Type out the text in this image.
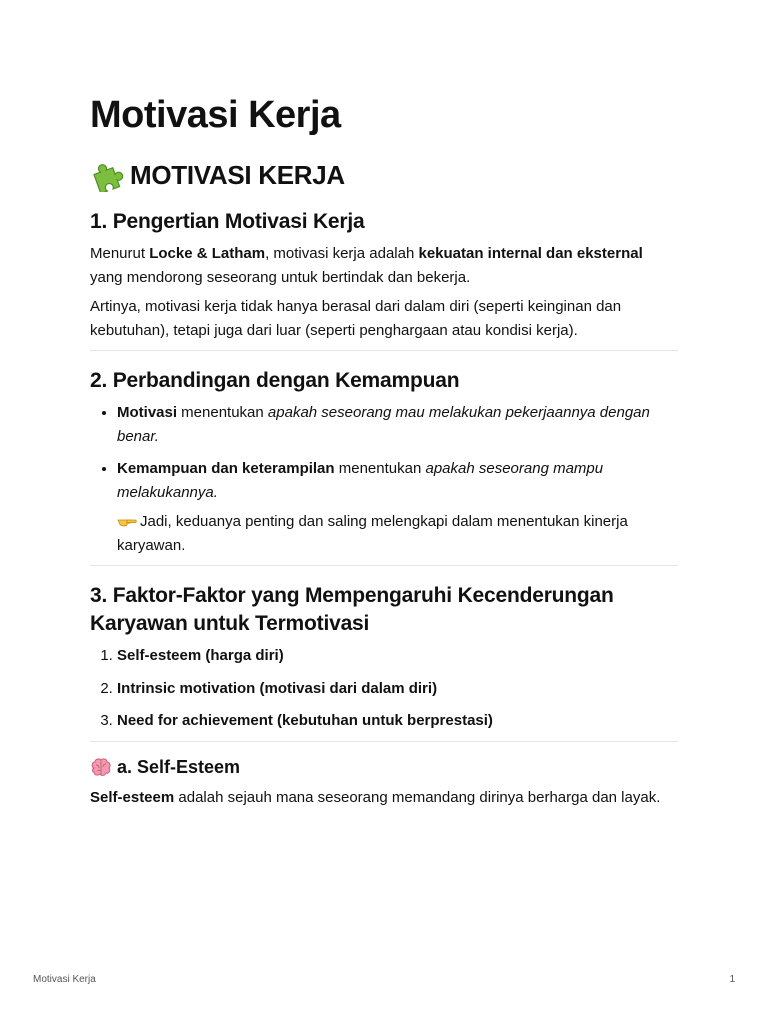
Motivasi Kerja
MOTIVASI KERJA
1. Pengertian Motivasi Kerja

Menurut Locke & Latham, motivasi kerja adalah kekuatan internal dan eksternal yang mendorong seseorang untuk bertindak dan bekerja.

Artinya, motivasi kerja tidak hanya berasal dari dalam diri (seperti keinginan dan kebutuhan), tetapi juga dari luar (seperti penghargaan atau kondisi kerja).

2. Perbandingan dengan Kemampuan
• Motivasi menentukan apakah seseorang mau melakukan pekerjaannya dengan benar.
• Kemampuan dan keterampilan menentukan apakah seseorang mampu melakukannya.

Jadi, keduanya penting dan saling melengkapi dalam menentukan kinerja karyawan.

3. Faktor-Faktor yang Mempengaruhi Kecenderungan Karyawan untuk Termotivasi
1. Self-esteem (harga diri)
2. Intrinsic motivation (motivasi dari dalam diri)
3. Need for achievement (kebutuhan untuk berprestasi)
a. Self-Esteem

Self-esteem adalah sejauh mana seseorang memandang dirinya berharga dan layak.

Motivasi Kerja	1
